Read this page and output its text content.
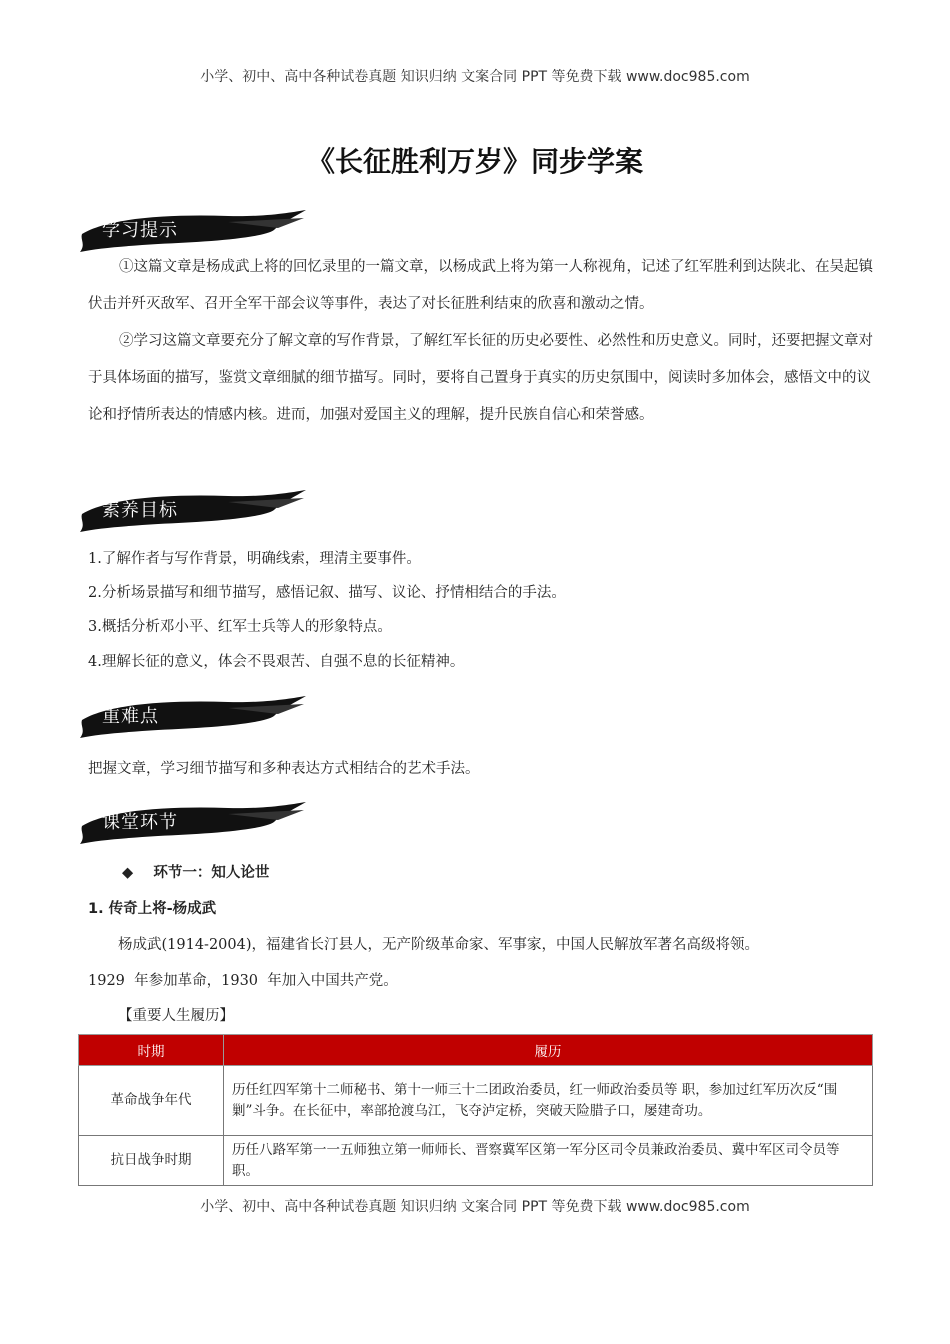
小学、初中、高中各种试卷真题 知识归纳 文案合同 PPT 等免费下载 www.doc985.com
《长征胜利万岁》同步学案
学习提示
①这篇文章是杨成武上将的回忆录里的一篇文章，以杨成武上将为第一人称视角，记述了红军胜利到达陕北、在吴起镇伏击并歼灭敌军、召开全军干部会议等事件，表达了对长征胜利结束的欣喜和激动之情。
②学习这篇文章要充分了解文章的写作背景，了解红军长征的历史必要性、必然性和历史意义。同时，还要把握文章对于具体场面的描写，鉴赏文章细腻的细节描写。同时，要将自己置身于真实的历史氛围中，阅读时多加体会，感悟文中的议论和抒情所表达的情感内核。进而，加强对爱国主义的理解，提升民族自信心和荣誉感。
素养目标
1.了解作者与写作背景，明确线索，理清主要事件。
2.分析场景描写和细节描写，感悟记叙、描写、议论、抒情相结合的手法。
3.概括分析邓小平、红军士兵等人的形象特点。
4.理解长征的意义，体会不畏艰苦、自强不息的长征精神。
重难点
把握文章，学习细节描写和多种表达方式相结合的艺术手法。
课堂环节
◆    环节一：知人论世
1. 传奇上将-杨成武
杨成武(1914-2004)，福建省长汀县人，无产阶级革命家、军事家，中国人民解放军著名高级将领。
1929  年参加革命，1930  年加入中国共产党。
【重要人生履历】
时期	履历
革命战争年代	历任红四军第十二师秘书、第十一师三十二团政治委员，红一师政治委员等 职，参加过红军历次反“围剿”斗争。在长征中，率部抢渡乌江，飞夺泸定桥，突破天险腊子口，屡建奇功。
抗日战争时期	历任八路军第一一五师独立第一师师长、晋察冀军区第一军分区司令员兼政治委员、冀中军区司令员等职。
小学、初中、高中各种试卷真题 知识归纳 文案合同 PPT 等免费下载 www.doc985.com
